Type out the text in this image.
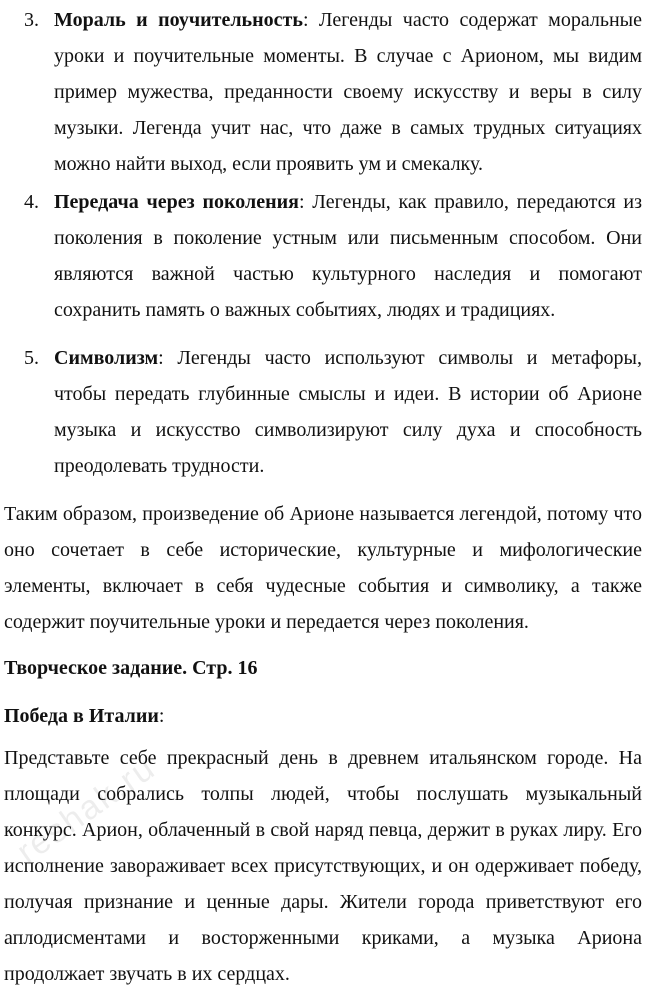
3. Мораль и поучительность: Легенды часто содержат моральные уроки и поучительные моменты. В случае с Арионом, мы видим пример мужества, преданности своему искусству и веры в силу музыки. Легенда учит нас, что даже в самых трудных ситуациях можно найти выход, если проявить ум и смекалку.
4. Передача через поколения: Легенды, как правило, передаются из поколения в поколение устным или письменным способом. Они являются важной частью культурного наследия и помогают сохранить память о важных событиях, людях и традициях.
5. Символизм: Легенды часто используют символы и метафоры, чтобы передать глубинные смыслы и идеи. В истории об Арионе музыка и искусство символизируют силу духа и способность преодолевать трудности.
Таким образом, произведение об Арионе называется легендой, потому что оно сочетает в себе исторические, культурные и мифологические элементы, включает в себя чудесные события и символику, а также содержит поучительные уроки и передается через поколения.
Творческое задание. Стр. 16
Победа в Италии:
Представьте себе прекрасный день в древнем итальянском городе. На площади собрались толпы людей, чтобы послушать музыкальный конкурс. Арион, облаченный в свой наряд певца, держит в руках лиру. Его исполнение завораживает всех присутствующих, и он одерживает победу, получая признание и ценные дары. Жители города приветствуют его аплодисментами и восторженными криками, а музыка Ариона продолжает звучать в их сердцах.
reshak.ru
